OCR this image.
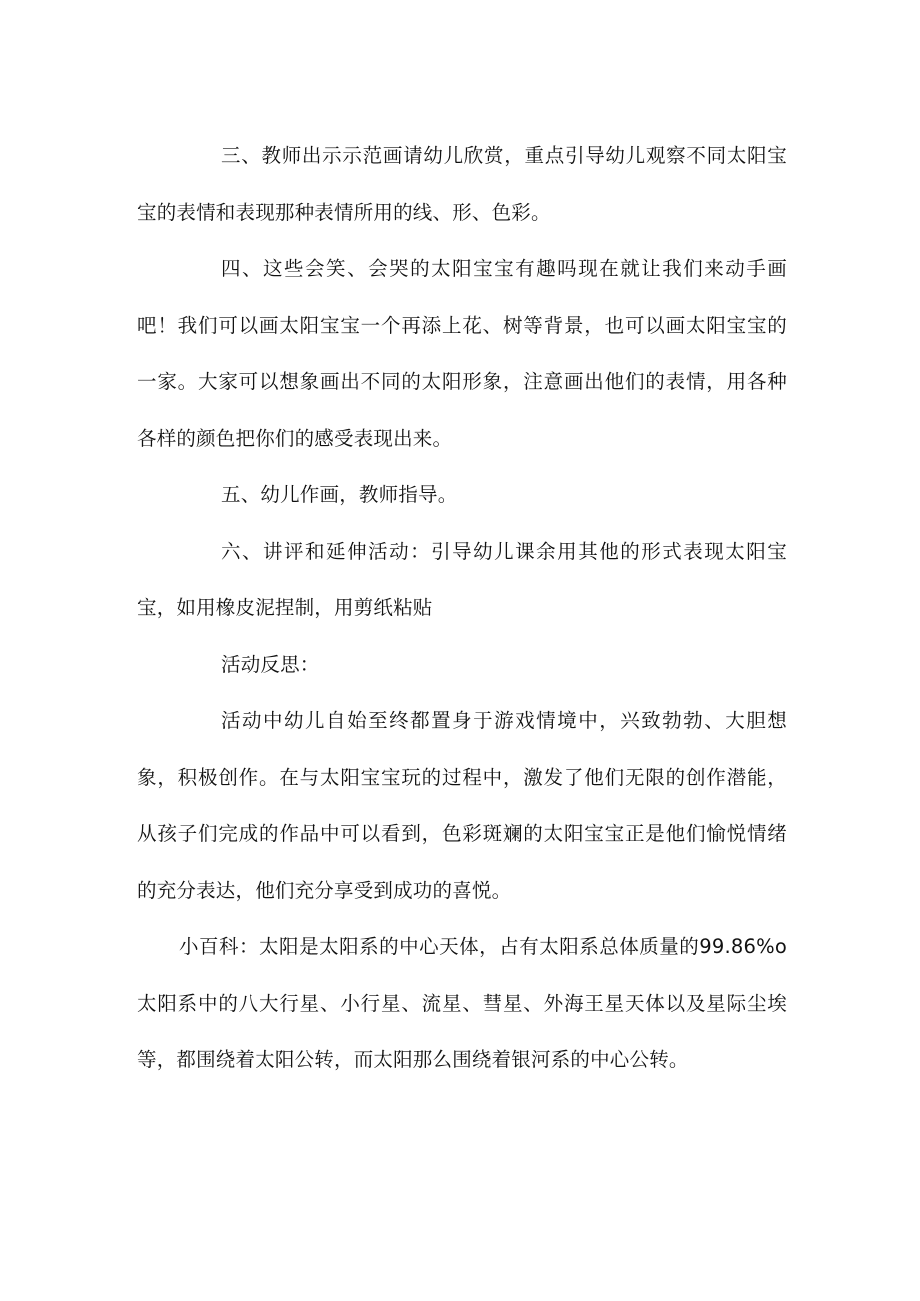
三、教师出示示范画请幼儿欣赏，重点引导幼儿观察不同太阳宝宝的表情和表现那种表情所用的线、形、色彩。

四、这些会笑、会哭的太阳宝宝有趣吗现在就让我们来动手画吧！我们可以画太阳宝宝一个再添上花、树等背景，也可以画太阳宝宝的一家。大家可以想象画出不同的太阳形象，注意画出他们的表情，用各种各样的颜色把你们的感受表现出来。

五、幼儿作画，教师指导。

六、讲评和延伸活动：引导幼儿课余用其他的形式表现太阳宝宝，如用橡皮泥捏制，用剪纸粘贴

活动反思：

活动中幼儿自始至终都置身于游戏情境中，兴致勃勃、大胆想象，积极创作。在与太阳宝宝玩的过程中，激发了他们无限的创作潜能，从孩子们完成的作品中可以看到，色彩斑斓的太阳宝宝正是他们愉悦情绪的充分表达，他们充分享受到成功的喜悦。

小百科：太阳是太阳系的中心天体，占有太阳系总体质量的99.86%o太阳系中的八大行星、小行星、流星、彗星、外海王星天体以及星际尘埃等，都围绕着太阳公转，而太阳那么围绕着银河系的中心公转。
